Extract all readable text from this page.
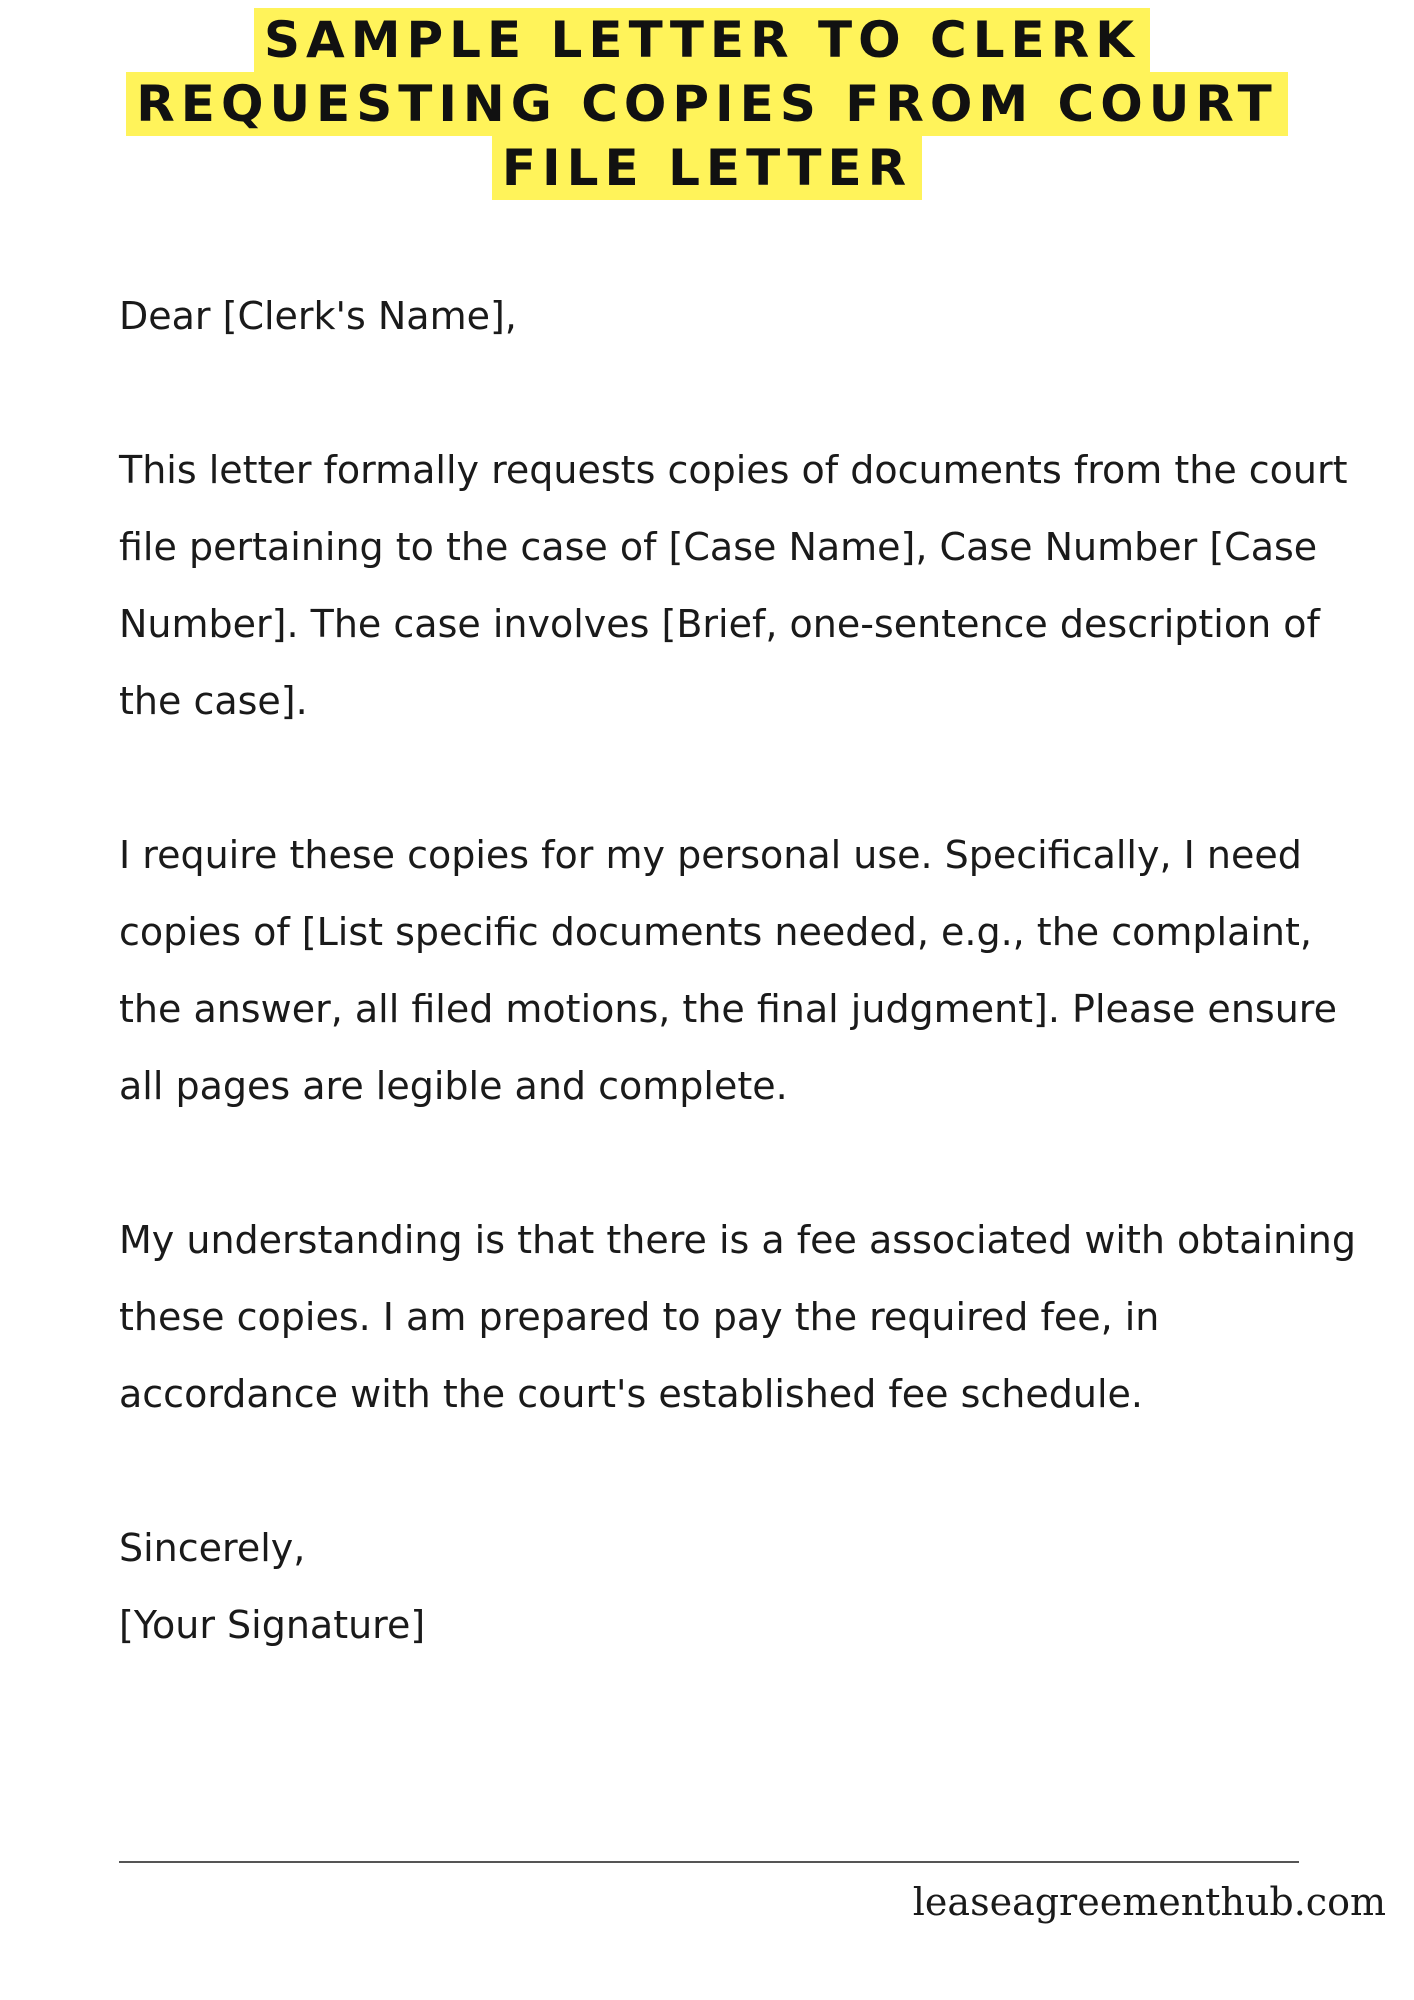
SAMPLE LETTER TO CLERK
REQUESTING COPIES FROM COURT
FILE LETTER

Dear [Clerk's Name],

This letter formally requests copies of documents from the court file pertaining to the case of [Case Name], Case Number [Case Number]. The case involves [Brief, one-sentence description of the case].

I require these copies for my personal use. Specifically, I need copies of [List specific documents needed, e.g., the complaint, the answer, all filed motions, the final judgment]. Please ensure all pages are legible and complete.

My understanding is that there is a fee associated with obtaining these copies. I am prepared to pay the required fee, in accordance with the court's established fee schedule.

Sincerely,

[Your Signature]

leaseagreementhub.com
